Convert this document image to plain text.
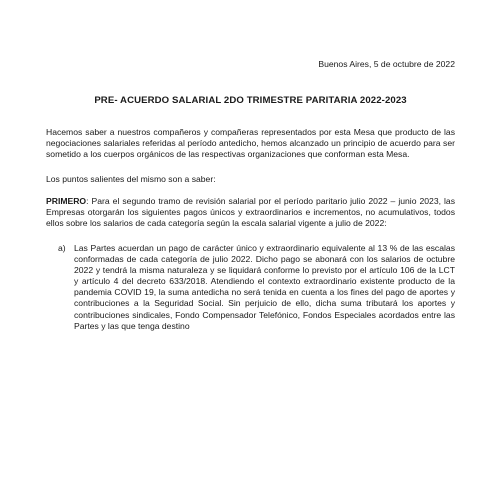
Buenos Aires, 5 de octubre de 2022
PRE- ACUERDO SALARIAL 2DO TRIMESTRE PARITARIA 2022-2023

Hacemos saber a nuestros compañeros y compañeras representados por esta Mesa que producto de las negociaciones salariales referidas al período antedicho, hemos alcanzado un principio de acuerdo para ser sometido a los cuerpos orgánicos de las respectivas organizaciones que conforman esta Mesa.

Los puntos salientes del mismo son a saber:

PRIMERO: Para el segundo tramo de revisión salarial por el período paritario julio 2022 – junio 2023, las Empresas otorgarán los siguientes pagos únicos y extraordinarios e incrementos, no acumulativos, todos ellos sobre los salarios de cada categoría según la escala salarial vigente a julio de 2022:

a) Las Partes acuerdan un pago de carácter único y extraordinario equivalente al 13 % de las escalas conformadas de cada categoría de julio 2022. Dicho pago se abonará con los salarios de octubre 2022 y tendrá la misma naturaleza y se liquidará conforme lo previsto por el artículo 106 de la LCT y artículo 4 del decreto 633/2018. Atendiendo el contexto extraordinario existente producto de la pandemia COVID 19, la suma antedicha no será tenida en cuenta a los fines del pago de aportes y contribuciones a la Seguridad Social. Sin perjuicio de ello, dicha suma tributará los aportes y contribuciones sindicales, Fondo Compensador Telefónico, Fondos Especiales acordados entre las Partes y las que tenga destino
